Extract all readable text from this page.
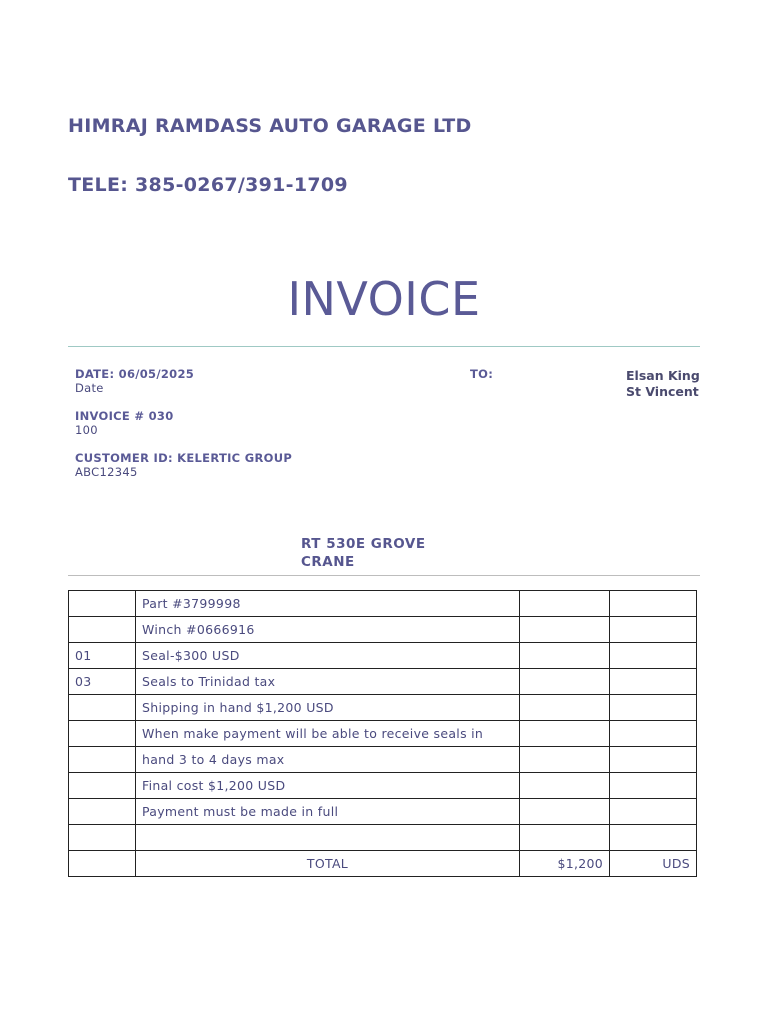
HIMRAJ RAMDASS AUTO GARAGE LTD
TELE: 385-0267/391-1709
INVOICE
DATE: 06/05/2025
Date
INVOICE # 030
100
CUSTOMER ID: KELERTIC GROUP
ABC12345
TO:	Elsan King
St Vincent
RT 530E GROVE
CRANE
	Part #3799998		
	Winch #0666916		
01	Seal-$300 USD		
03	Seals to Trinidad tax		
	Shipping in hand $1,200 USD		
	When make payment will be able to receive seals in		
	hand 3 to 4 days max		
	Final cost $1,200 USD		
	Payment must be made in full		

	TOTAL	$1,200	UDS
